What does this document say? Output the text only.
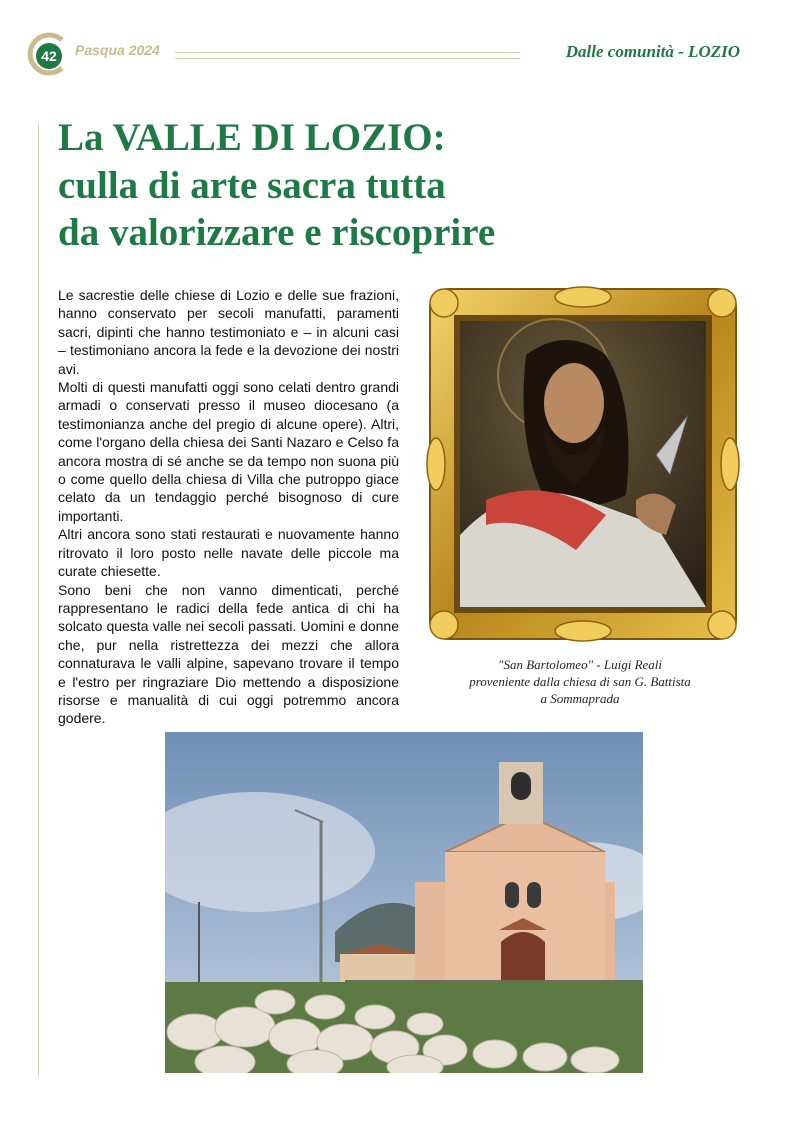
42	Pasqua 2024	Dalle comunità - LOZIO
La VALLE DI LOZIO:
culla di arte sacra tutta
da valorizzare e riscoprire

Le sacrestie delle chiese di Lozio e delle sue frazioni, hanno conservato per secoli manufatti, paramenti sacri, dipinti che hanno testimoniato e – in alcuni casi – testimoniano ancora la fede e la devozione dei nostri avi.

Molti di questi manufatti oggi sono celati dentro grandi armadi o conservati presso il museo diocesano (a testimonianza anche del pregio di alcune opere). Altri, come l'organo della chiesa dei Santi Nazaro e Celso fa ancora mostra di sé anche se da tempo non suona più o come quello della chiesa di Villa che putroppo giace celato da un tendaggio perché bisognoso di cure importanti.

Altri ancora sono stati restaurati e nuovamente hanno ritrovato il loro posto nelle navate delle piccole ma curate chiesette.

Sono beni che non vanno dimenticati, perché rappresentano le radici della fede antica di chi ha solcato questa valle nei secoli passati. Uomini e donne che, pur nella ristrettezza dei mezzi che allora connaturava le valli alpine, sapevano trovare il tempo e l'estro per ringraziare Dio mettendo a disposizione risorse e manualità di cui oggi potremmo ancora godere.

"San Bartolomeo" - Luigi Reali
proveniente dalla chiesa di san G. Battista
a Sommaprada
